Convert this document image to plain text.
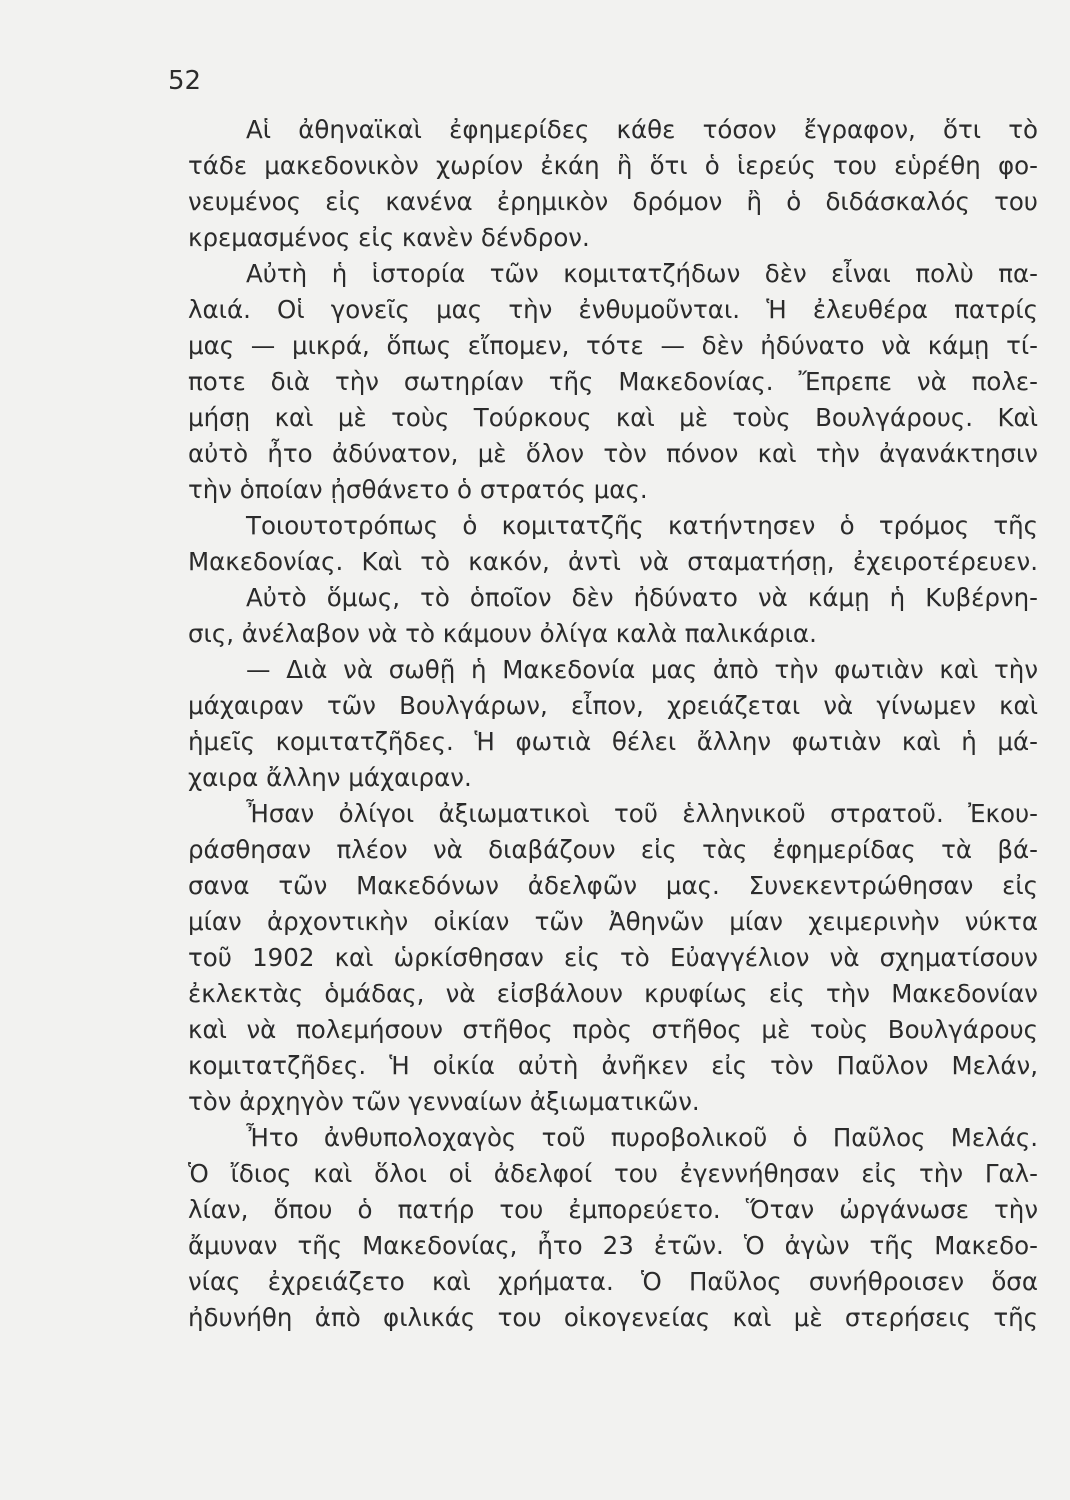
52
Αἱ ἀθηναϊκαὶ ἐφημερίδες κάθε τόσον ἔγραφον, ὅτι τὸ
τάδε μακεδονικὸν χωρίον ἐκάη ἢ ὅτι ὁ ἱερεύς του εὑρέθη φο-
νευμένος εἰς κανένα ἐρημικὸν δρόμον ἢ ὁ διδάσκαλός του
κρεμασμένος εἰς κανὲν δένδρον.
Αὐτὴ ἡ ἱστορία τῶν κομιτατζήδων δὲν εἶναι πολὺ πα-
λαιά. Οἱ γονεῖς μας τὴν ἐνθυμοῦνται. Ἡ ἐλευθέρα πατρίς
μας — μικρά, ὅπως εἴπομεν, τότε — δὲν ἠδύνατο νὰ κάμῃ τί-
ποτε διὰ τὴν σωτηρίαν τῆς Μακεδονίας. Ἔπρεπε νὰ πολε-
μήσῃ καὶ μὲ τοὺς Τούρκους καὶ μὲ τοὺς Βουλγάρους. Καὶ
αὐτὸ ἦτο ἀδύνατον, μὲ ὅλον τὸν πόνον καὶ τὴν ἀγανάκτησιν
τὴν ὁποίαν ᾐσθάνετο ὁ στρατός μας.
Τοιουτοτρόπως ὁ κομιτατζῆς κατήντησεν ὁ τρόμος τῆς
Μακεδονίας. Καὶ τὸ κακόν, ἀντὶ νὰ σταματήσῃ, ἐχειροτέρευεν.
Αὐτὸ ὅμως, τὸ ὁποῖον δὲν ἠδύνατο νὰ κάμῃ ἡ Κυβέρνη-
σις, ἀνέλαβον νὰ τὸ κάμουν ὀλίγα καλὰ παλικάρια.
— Διὰ νὰ σωθῇ ἡ Μακεδονία μας ἀπὸ τὴν φωτιὰν καὶ τὴν
μάχαιραν τῶν Βουλγάρων, εἶπον, χρειάζεται νὰ γίνωμεν καὶ
ἡμεῖς κομιτατζῆδες. Ἡ φωτιὰ θέλει ἄλλην φωτιὰν καὶ ἡ μά-
χαιρα ἄλλην μάχαιραν.
Ἦσαν ὀλίγοι ἀξιωματικοὶ τοῦ ἑλληνικοῦ στρατοῦ. Ἐκου-
ράσθησαν πλέον νὰ διαβάζουν εἰς τὰς ἐφημερίδας τὰ βά-
σανα τῶν Μακεδόνων ἀδελφῶν μας. Συνεκεντρώθησαν εἰς
μίαν ἀρχοντικὴν οἰκίαν τῶν Ἀθηνῶν μίαν χειμερινὴν νύκτα
τοῦ 1902 καὶ ὡρκίσθησαν εἰς τὸ Εὐαγγέλιον νὰ σχηματίσουν
ἐκλεκτὰς ὁμάδας, νὰ εἰσβάλουν κρυφίως εἰς τὴν Μακεδονίαν
καὶ νὰ πολεμήσουν στῆθος πρὸς στῆθος μὲ τοὺς Βουλγάρους
κομιτατζῆδες. Ἡ οἰκία αὐτὴ ἀνῆκεν εἰς τὸν Παῦλον Μελάν,
τὸν ἀρχηγὸν τῶν γενναίων ἀξιωματικῶν.
Ἦτο ἀνθυπολοχαγὸς τοῦ πυροβολικοῦ ὁ Παῦλος Μελάς.
Ὁ ἴδιος καὶ ὅλοι οἱ ἀδελφοί του ἐγεννήθησαν εἰς τὴν Γαλ-
λίαν, ὅπου ὁ πατήρ του ἐμπορεύετο. Ὅταν ὠργάνωσε τὴν
ἄμυναν τῆς Μακεδονίας, ἦτο 23 ἐτῶν. Ὁ ἀγὼν τῆς Μακεδο-
νίας ἐχρειάζετο καὶ χρήματα. Ὁ Παῦλος συνήθροισεν ὅσα
ἠδυνήθη ἀπὸ φιλικάς του οἰκογενείας καὶ μὲ στερήσεις τῆς
